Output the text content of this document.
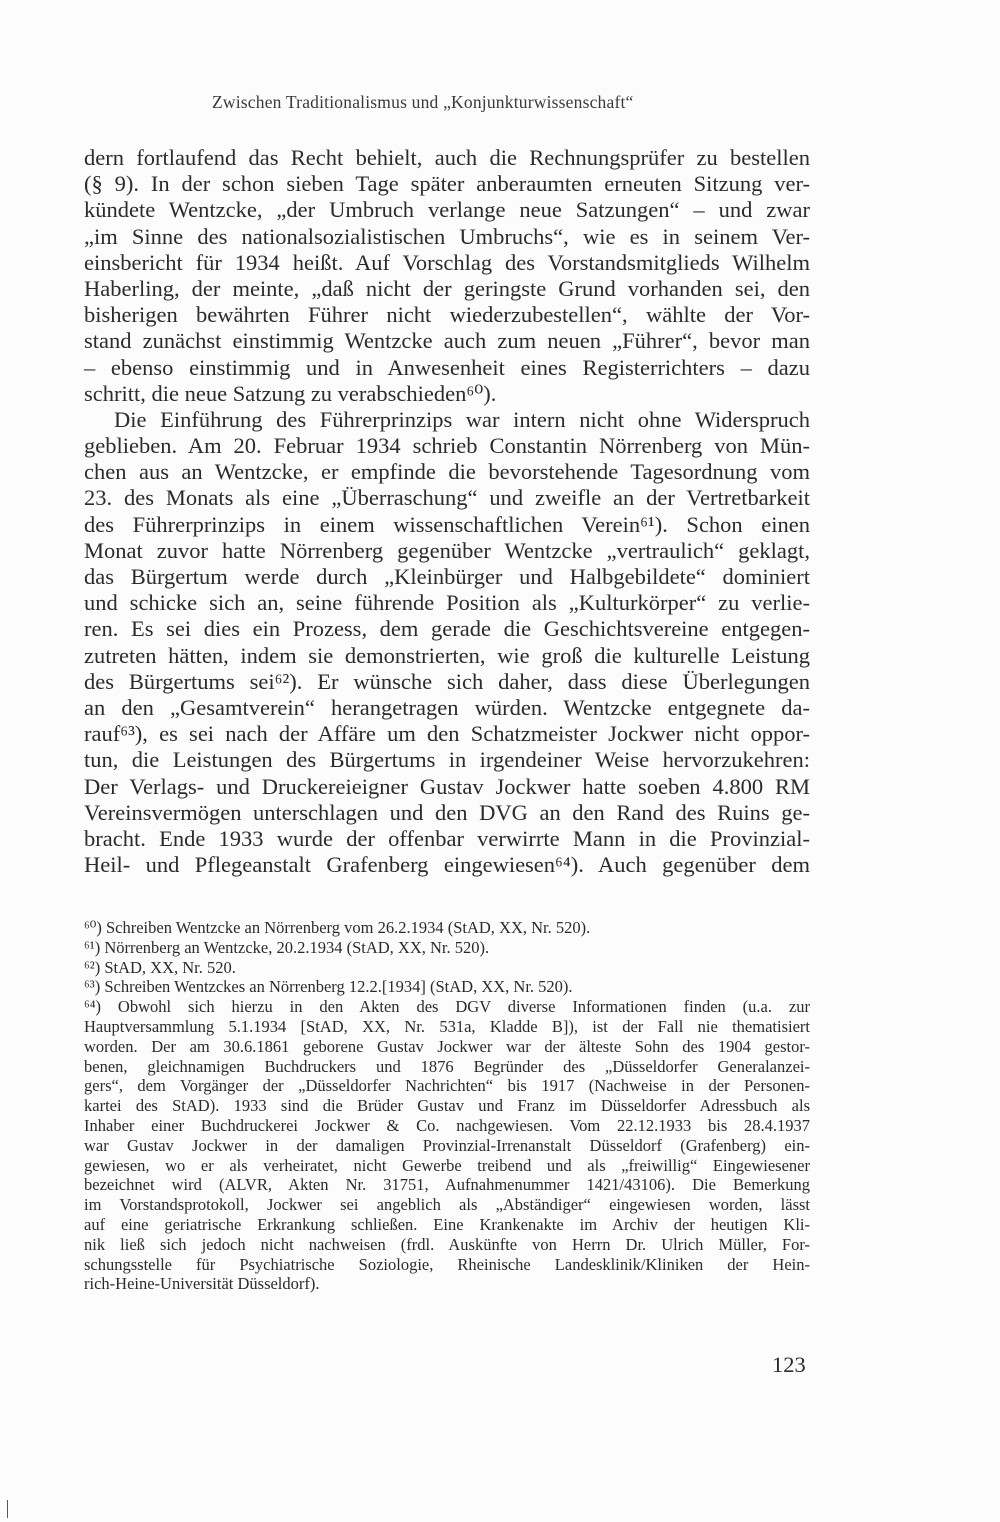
Zwischen Traditionalismus und „Konjunkturwissenschaft“
dern fortlaufend das Recht behielt, auch die Rechnungsprüfer zu bestellen
(§ 9). In der schon sieben Tage später anberaumten erneuten Sitzung ver-
kündete Wentzcke, „der Umbruch verlange neue Satzungen“ – und zwar
„im Sinne des nationalsozialistischen Umbruchs“, wie es in seinem Ver-
einsbericht für 1934 heißt. Auf Vorschlag des Vorstandsmitglieds Wilhelm
Haberling, der meinte, „daß nicht der geringste Grund vorhanden sei, den
bisherigen bewährten Führer nicht wiederzubestellen“, wählte der Vor-
stand zunächst einstimmig Wentzcke auch zum neuen „Führer“, bevor man
– ebenso einstimmig und in Anwesenheit eines Registerrichters – dazu
schritt, die neue Satzung zu verabschieden⁶⁰).
Die Einführung des Führerprinzips war intern nicht ohne Widerspruch
geblieben. Am 20. Februar 1934 schrieb Constantin Nörrenberg von Mün-
chen aus an Wentzcke, er empfinde die bevorstehende Tagesordnung vom
23. des Monats als eine „Überraschung“ und zweifle an der Vertretbarkeit
des Führerprinzips in einem wissenschaftlichen Verein⁶¹). Schon einen
Monat zuvor hatte Nörrenberg gegenüber Wentzcke „vertraulich“ geklagt,
das Bürgertum werde durch „Kleinbürger und Halbgebildete“ dominiert
und schicke sich an, seine führende Position als „Kulturkörper“ zu verlie-
ren. Es sei dies ein Prozess, dem gerade die Geschichtsvereine entgegen-
zutreten hätten, indem sie demonstrierten, wie groß die kulturelle Leistung
des Bürgertums sei⁶²). Er wünsche sich daher, dass diese Überlegungen
an den „Gesamtverein“ herangetragen würden. Wentzcke entgegnete da-
rauf⁶³), es sei nach der Affäre um den Schatzmeister Jockwer nicht oppor-
tun, die Leistungen des Bürgertums in irgendeiner Weise hervorzukehren:
Der Verlags- und Druckereieigner Gustav Jockwer hatte soeben 4.800 RM
Vereinsvermögen unterschlagen und den DVG an den Rand des Ruins ge-
bracht. Ende 1933 wurde der offenbar verwirrte Mann in die Provinzial-
Heil- und Pflegeanstalt Grafenberg eingewiesen⁶⁴). Auch gegenüber dem
⁶⁰) Schreiben Wentzcke an Nörrenberg vom 26.2.1934 (StAD, XX, Nr. 520).
⁶¹) Nörrenberg an Wentzcke, 20.2.1934 (StAD, XX, Nr. 520).
⁶²) StAD, XX, Nr. 520.
⁶³) Schreiben Wentzckes an Nörrenberg 12.2.[1934] (StAD, XX, Nr. 520).
⁶⁴) Obwohl sich hierzu in den Akten des DGV diverse Informationen finden (u.a. zur
Hauptversammlung 5.1.1934 [StAD, XX, Nr. 531a, Kladde B]), ist der Fall nie thematisiert
worden. Der am 30.6.1861 geborene Gustav Jockwer war der älteste Sohn des 1904 gestor-
benen, gleichnamigen Buchdruckers und 1876 Begründer des „Düsseldorfer Generalanzei-
gers“, dem Vorgänger der „Düsseldorfer Nachrichten“ bis 1917 (Nachweise in der Personen-
kartei des StAD). 1933 sind die Brüder Gustav und Franz im Düsseldorfer Adressbuch als
Inhaber einer Buchdruckerei Jockwer & Co. nachgewiesen. Vom 22.12.1933 bis 28.4.1937
war Gustav Jockwer in der damaligen Provinzial-Irrenanstalt Düsseldorf (Grafenberg) ein-
gewiesen, wo er als verheiratet, nicht Gewerbe treibend und als „freiwillig“ Eingewiesener
bezeichnet wird (ALVR, Akten Nr. 31751, Aufnahmenummer 1421/43106). Die Bemerkung
im Vorstandsprotokoll, Jockwer sei angeblich als „Abständiger“ eingewiesen worden, lässt
auf eine geriatrische Erkrankung schließen. Eine Krankenakte im Archiv der heutigen Kli-
nik ließ sich jedoch nicht nachweisen (frdl. Auskünfte von Herrn Dr. Ulrich Müller, For-
schungsstelle für Psychiatrische Soziologie, Rheinische Landesklinik/Kliniken der Hein-
rich-Heine-Universität Düsseldorf).
123
